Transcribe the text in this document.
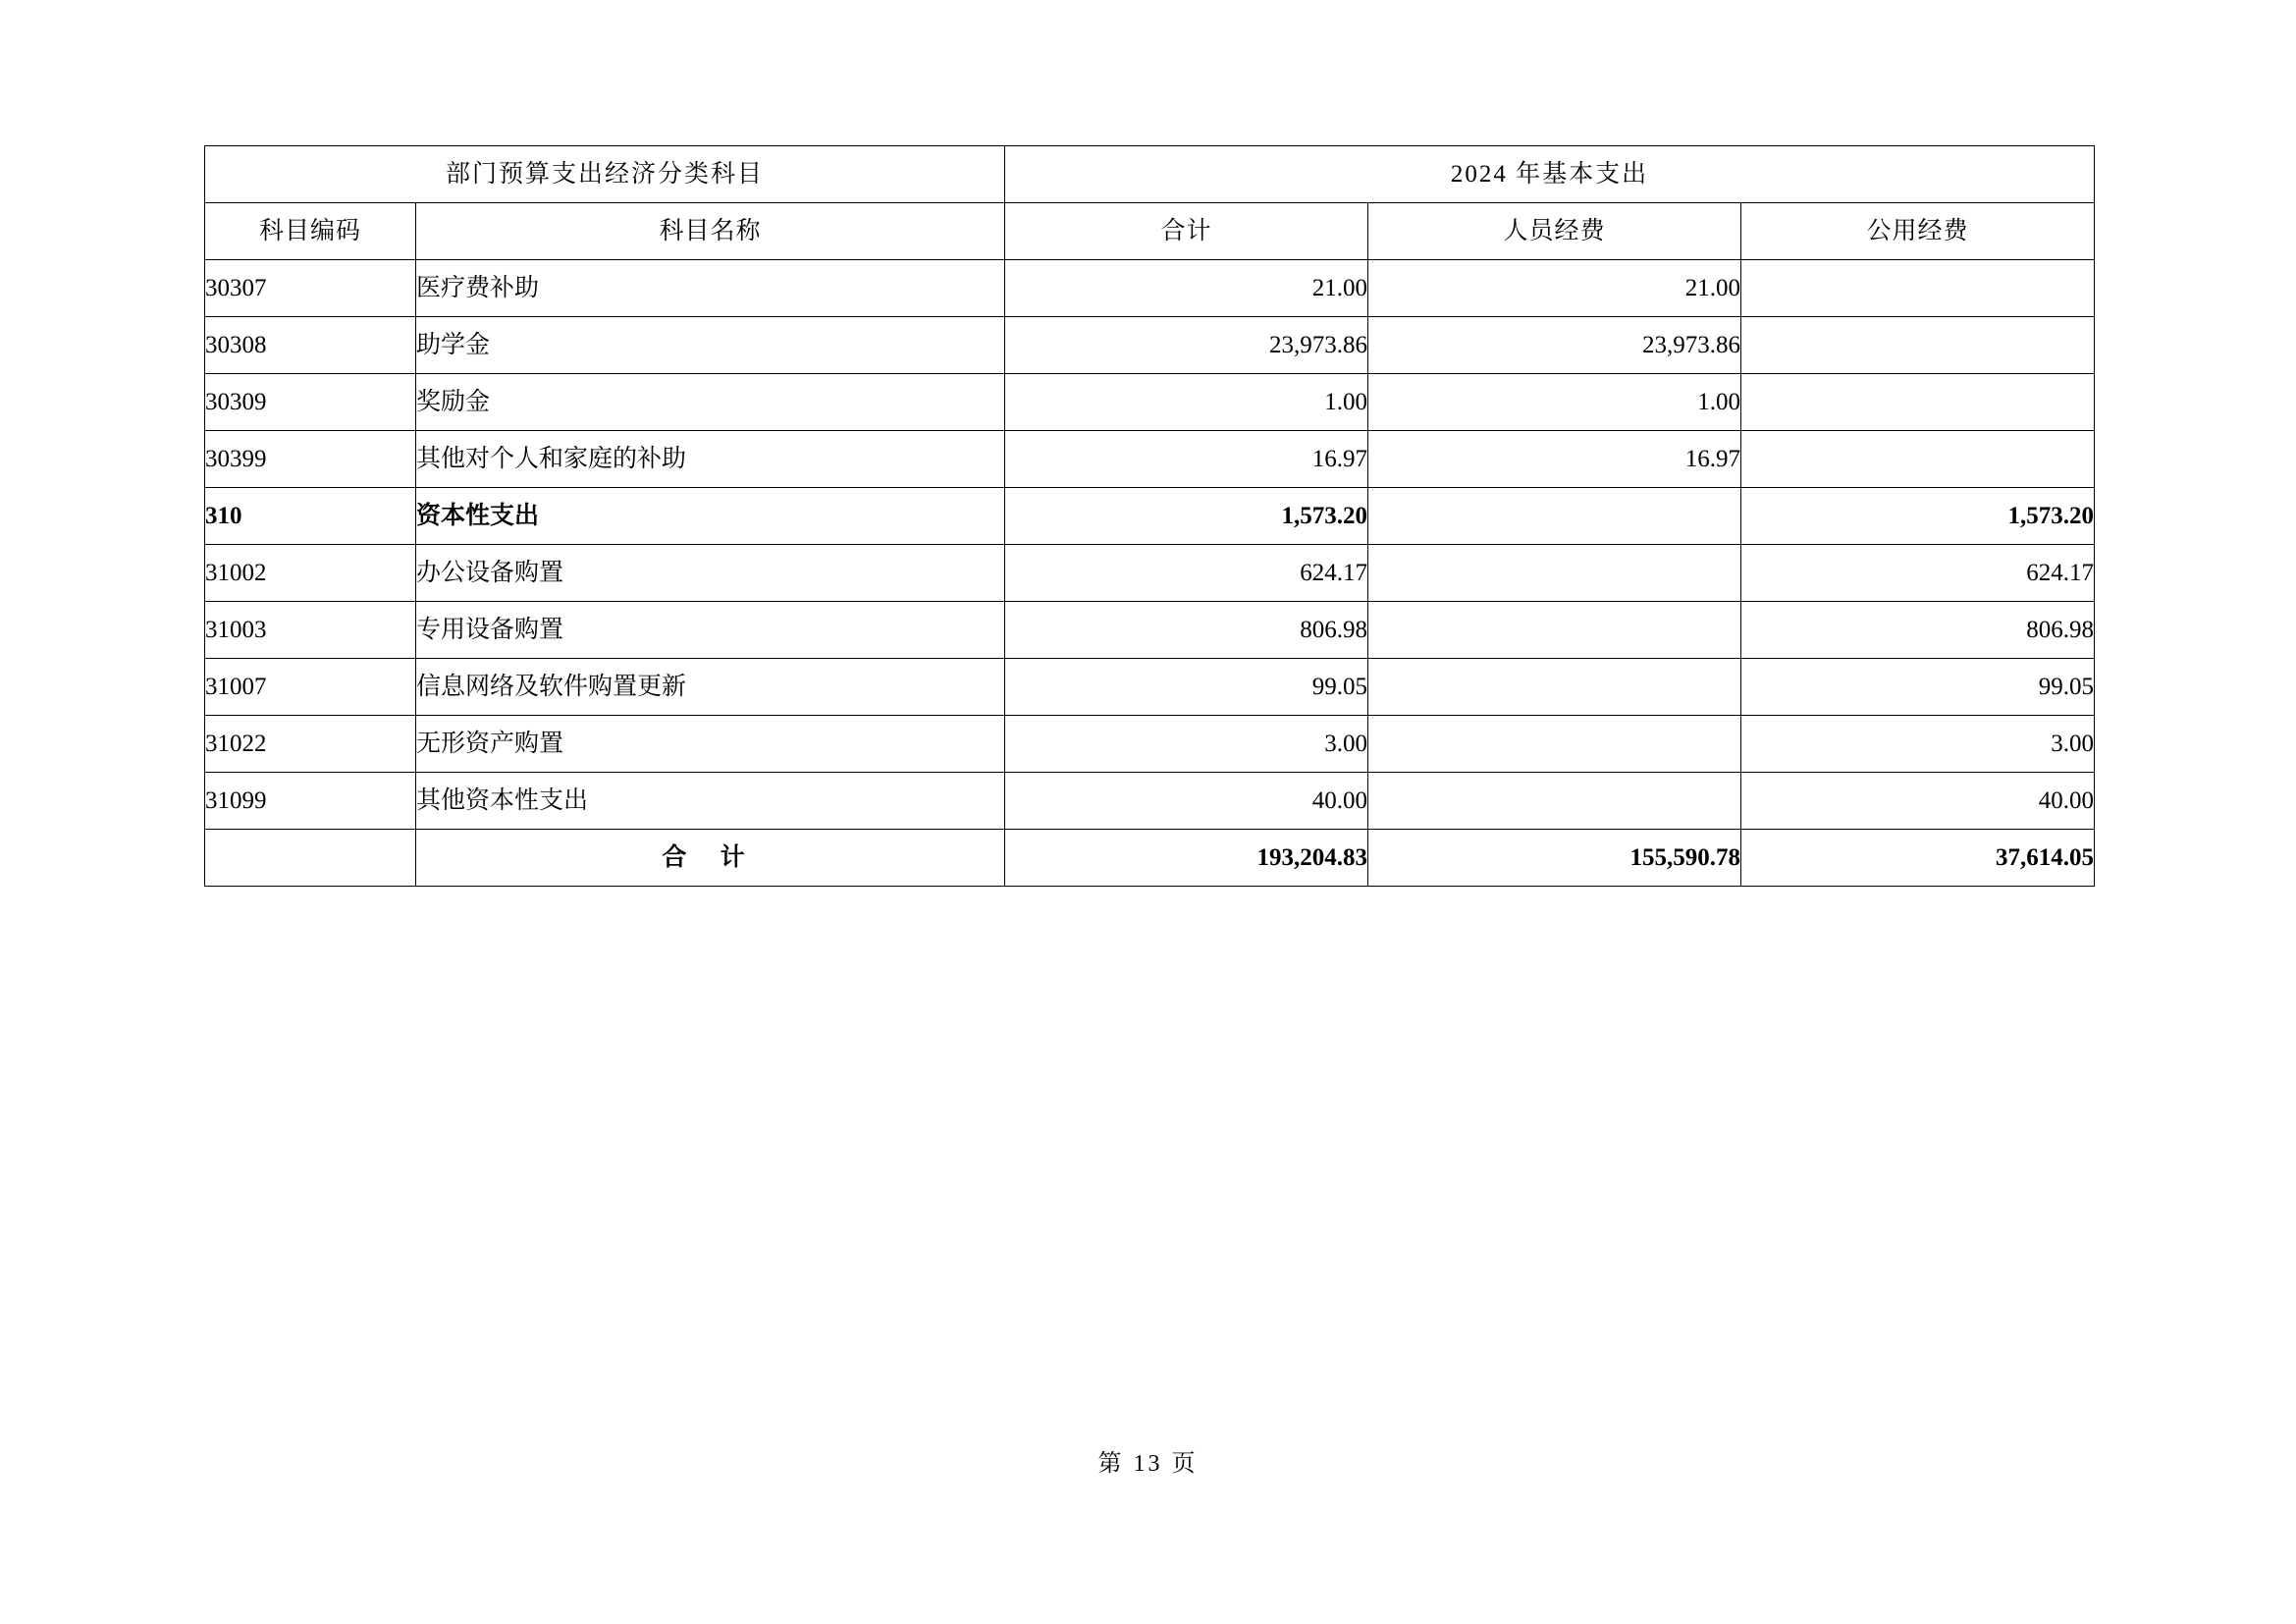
部门预算支出经济分类科目		2024 年基本支出		
科目编码	科目名称	合计	人员经费	公用经费
30307	医疗费补助	21.00	21.00	
30308	助学金	23,973.86	23,973.86	
30309	奖励金	1.00	1.00	
30399	其他对个人和家庭的补助	16.97	16.97	
310	资本性支出	1,573.20		1,573.20
31002	办公设备购置	624.17		624.17
31003	专用设备购置	806.98		806.98
31007	信息网络及软件购置更新	99.05		99.05
31022	无形资产购置	3.00		3.00
31099	其他资本性支出	40.00		40.00
	合 计	193,204.83	155,590.78	37,614.05
第 13 页
